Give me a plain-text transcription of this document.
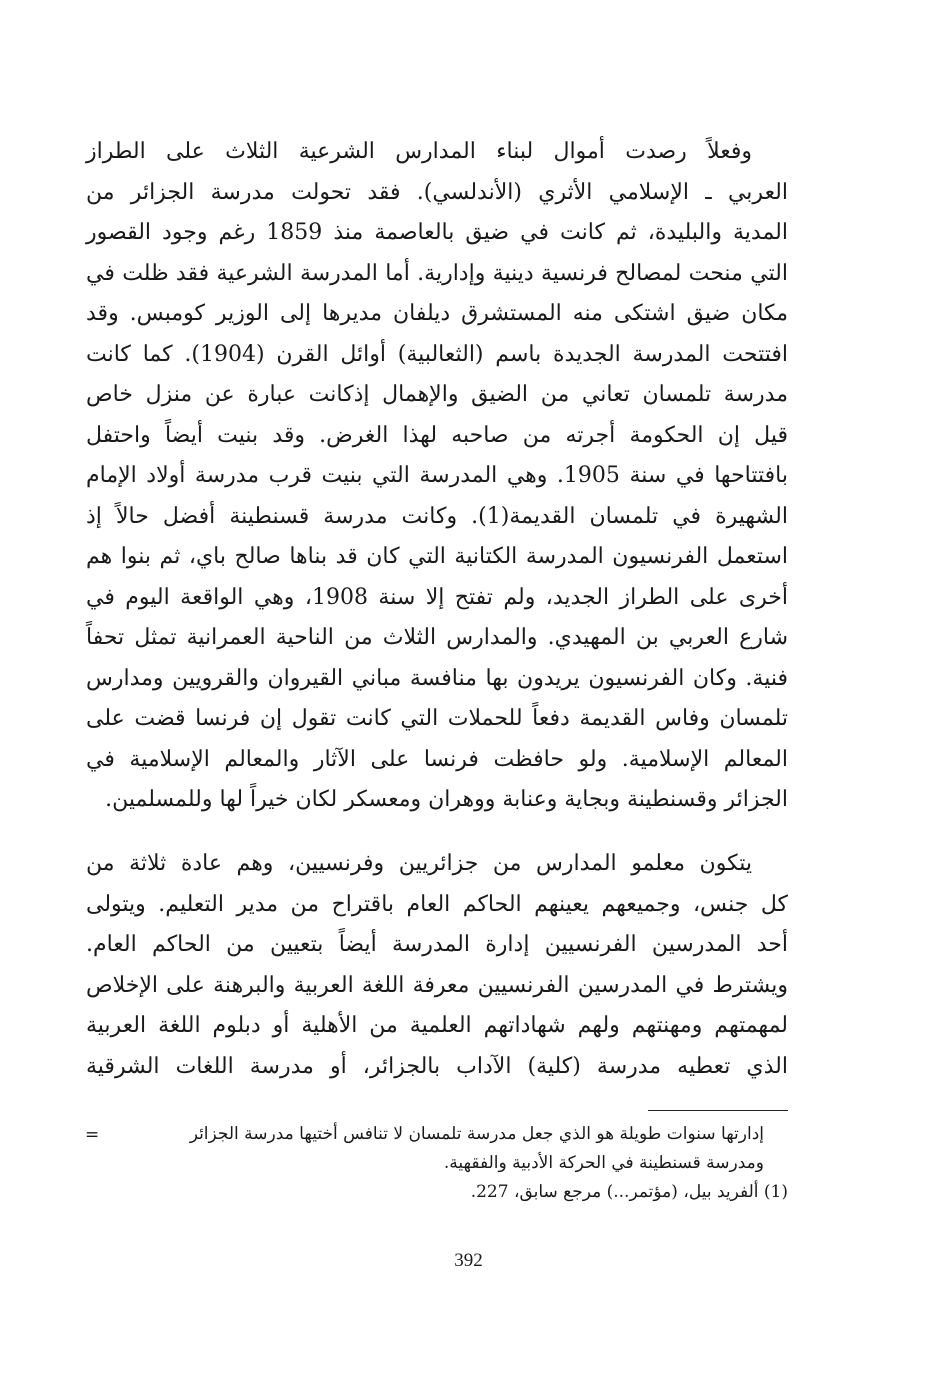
وفعلاً رصدت أموال لبناء المدارس الشرعية الثلاث على الطراز
العربي ـ الإسلامي الأثري (الأندلسي). فقد تحولت مدرسة الجزائر من
المدية والبليدة، ثم كانت في ضيق بالعاصمة منذ 1859 رغم وجود القصور
التي منحت لمصالح فرنسية دينية وإدارية. أما المدرسة الشرعية فقد ظلت في
مكان ضيق اشتكى منه المستشرق ديلفان مديرها إلى الوزير كومبس. وقد
افتتحت المدرسة الجديدة باسم (الثعالبية) أوائل القرن (1904). كما كانت
مدرسة تلمسان تعاني من الضيق والإهمال إذكانت عبارة عن منزل خاص
قيل إن الحكومة أجرته من صاحبه لهذا الغرض. وقد بنيت أيضاً واحتفل
بافتتاحها في سنة 1905. وهي المدرسة التي بنيت قرب مدرسة أولاد الإمام
الشهيرة في تلمسان القديمة(1). وكانت مدرسة قسنطينة أفضل حالاً إذ
استعمل الفرنسيون المدرسة الكتانية التي كان قد بناها صالح باي، ثم بنوا هم
أخرى على الطراز الجديد، ولم تفتح إلا سنة 1908، وهي الواقعة اليوم في
شارع العربي بن المهيدي. والمدارس الثلاث من الناحية العمرانية تمثل تحفاً
فنية. وكان الفرنسيون يريدون بها منافسة مباني القيروان والقرويين ومدارس
تلمسان وفاس القديمة دفعاً للحملات التي كانت تقول إن فرنسا قضت على
المعالم الإسلامية. ولو حافظت فرنسا على الآثار والمعالم الإسلامية في
الجزائر وقسنطينة وبجاية وعنابة ووهران ومعسكر لكان خيراً لها وللمسلمين.
يتكون معلمو المدارس من جزائريين وفرنسيين، وهم عادة ثلاثة من
كل جنس، وجميعهم يعينهم الحاكم العام باقتراح من مدير التعليم. ويتولى
أحد المدرسين الفرنسيين إدارة المدرسة أيضاً بتعيين من الحاكم العام.
ويشترط في المدرسين الفرنسيين معرفة اللغة العربية والبرهنة على الإخلاص
لمهمتهم ومهنتهم ولهم شهاداتهم العلمية من الأهلية أو دبلوم اللغة العربية
الذي تعطيه مدرسة (كلية) الآداب بالجزائر، أو مدرسة اللغات الشرقية
=	إدارتها سنوات طويلة هو الذي جعل مدرسة تلمسان لا تنافس أختيها مدرسة الجزائر
ومدرسة قسنطينة في الحركة الأدبية والفقهية.
(1) ألفريد بيل، (مؤتمر...) مرجع سابق، 227.
392
